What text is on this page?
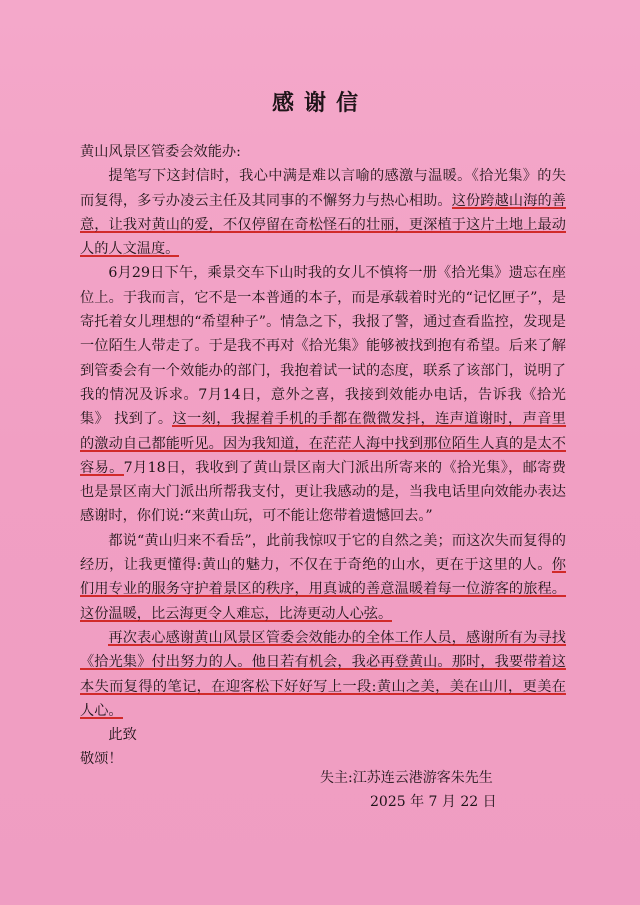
感谢信

黄山风景区管委会效能办:

提笔写下这封信时，我心中满是难以言喻的感激与温暖。《拾光集》的失而复得，多亏办凌云主任及其同事的不懈努力与热心相助。这份跨越山海的善意，让我对黄山的爱，不仅停留在奇松怪石的壮丽，更深植于这片土地上最动人的人文温度。

6月29日下午，乘景交车下山时我的女儿不慎将一册《拾光集》遗忘在座位上。于我而言，它不是一本普通的本子，而是承载着时光的“记忆匣子”，是寄托着女儿理想的“希望种子”。情急之下，我报了警，通过查看监控，发现是一位陌生人带走了。于是我不再对《拾光集》能够被找到抱有希望。后来了解到管委会有一个效能办的部门，我抱着试一试的态度，联系了该部门，说明了我的情况及诉求。7月14日，意外之喜，我接到效能办电话，告诉我《拾光集》 找到了。这一刻，我握着手机的手都在微微发抖，连声道谢时，声音里的激动自己都能听见。因为我知道，在茫茫人海中找到那位陌生人真的是太不容易。7月18日，我收到了黄山景区南大门派出所寄来的《拾光集》，邮寄费也是景区南大门派出所帮我支付，更让我感动的是，当我电话里向效能办表达感谢时，你们说:“来黄山玩，可不能让您带着遗憾回去。”

都说“黄山归来不看岳”，此前我惊叹于它的自然之美；而这次失而复得的经历，让我更懂得:黄山的魅力，不仅在于奇绝的山水，更在于这里的人。你们用专业的服务守护着景区的秩序，用真诚的善意温暖着每一位游客的旅程。这份温暖，比云海更令人难忘，比涛更动人心弦。

再次表心感谢黄山风景区管委会效能办的全体工作人员，感谢所有为寻找《拾光集》付出努力的人。他日若有机会，我必再登黄山。那时，我要带着这本失而复得的笔记，在迎客松下好好写上一段:黄山之美，美在山川，更美在人心。

此致

敬颂！

失主:江苏连云港游客朱先生
2025 年 7 月 22 日
